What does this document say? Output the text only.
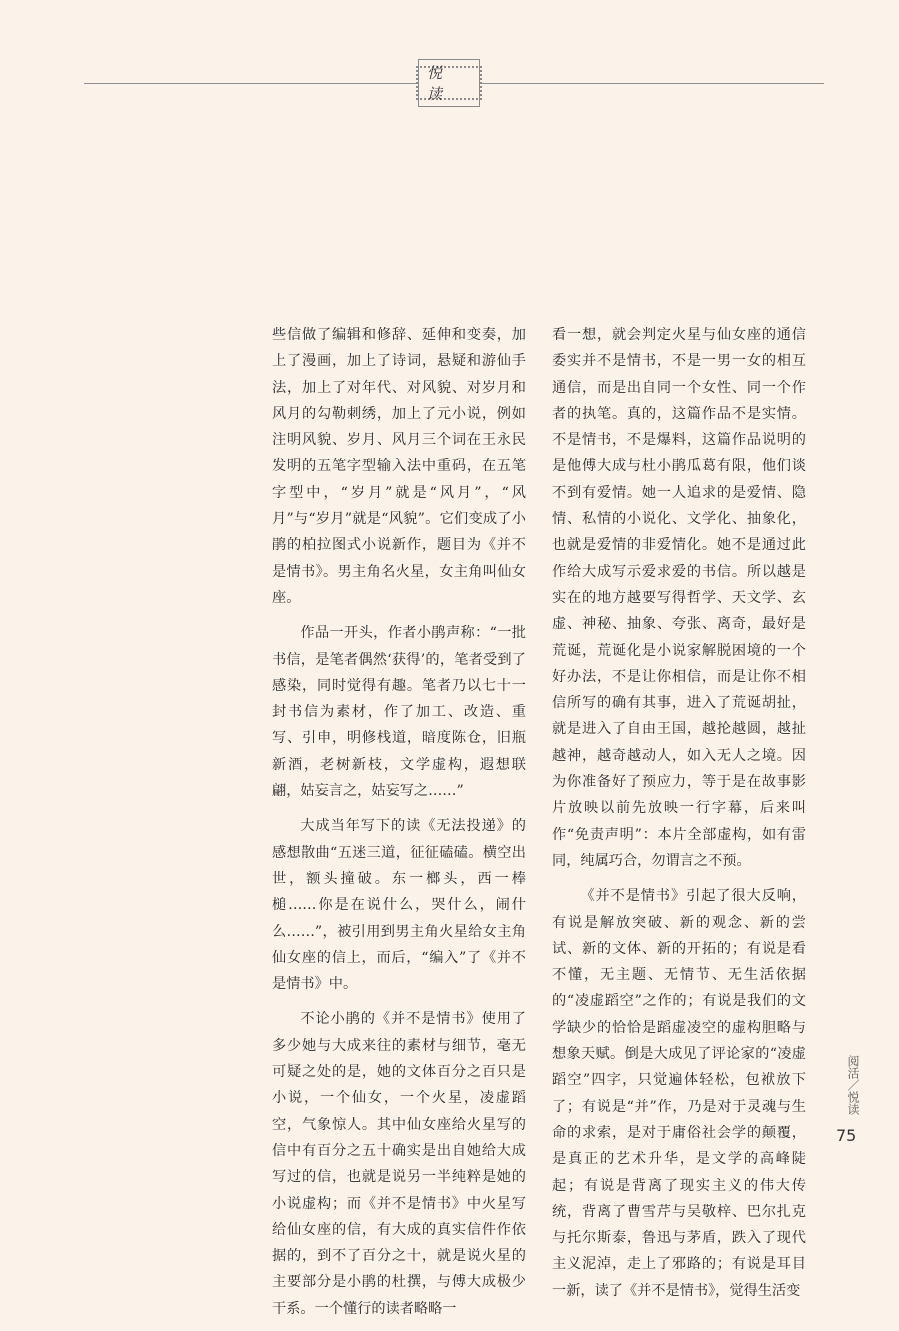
悦 读

些信做了编辑和修辞、延伸和变奏，加上了漫画，加上了诗词，悬疑和游仙手法，加上了对年代、对风貌、对岁月和风月的勾勒刺绣，加上了元小说，例如注明风貌、岁月、风月三个词在王永民发明的五笔字型输入法中重码，在五笔字型中，“岁月”就是“风月”，“风月”与“岁月”就是“风貌”。它们变成了小鹃的柏拉图式小说新作，题目为《并不是情书》。男主角名火星，女主角叫仙女座。

作品一开头，作者小鹃声称：“一批书信，是笔者偶然‘获得’的，笔者受到了感染，同时觉得有趣。笔者乃以七十一封书信为素材，作了加工、改造、重写、引申，明修栈道，暗度陈仓，旧瓶新酒，老树新枝，文学虚构，遐想联翩，姑妄言之，姑妄写之……”

大成当年写下的读《无法投递》的感想散曲“五迷三道，征征磕磕。横空出世，额头撞破。东一榔头，西一棒槌……你是在说什么，哭什么，闹什么……”，被引用到男主角火星给女主角仙女座的信上，而后，“编入”了《并不是情书》中。

不论小鹃的《并不是情书》使用了多少她与大成来往的素材与细节，毫无可疑之处的是，她的文体百分之百只是小说，一个仙女，一个火星，凌虚蹈空，气象惊人。其中仙女座给火星写的信中有百分之五十确实是出自她给大成写过的信，也就是说另一半纯粹是她的小说虚构；而《并不是情书》中火星写给仙女座的信，有大成的真实信件作依据的，到不了百分之十，就是说火星的主要部分是小鹃的杜撰，与傅大成极少干系。一个懂行的读者略略一

看一想，就会判定火星与仙女座的通信委实并不是情书，不是一男一女的相互通信，而是出自同一个女性、同一个作者的执笔。真的，这篇作品不是实情。不是情书，不是爆料，这篇作品说明的是他傅大成与杜小鹃瓜葛有限，他们谈不到有爱情。她一人追求的是爱情、隐情、私情的小说化、文学化、抽象化，也就是爱情的非爱情化。她不是通过此作给大成写示爱求爱的书信。所以越是实在的地方越要写得哲学、天文学、玄虚、神秘、抽象、夸张、离奇，最好是荒诞，荒诞化是小说家解脱困境的一个好办法，不是让你相信，而是让你不相信所写的确有其事，进入了荒诞胡扯，就是进入了自由王国，越抡越圆，越扯越神，越奇越动人，如入无人之境。因为你准备好了预应力，等于是在故事影片放映以前先放映一行字幕，后来叫作“免责声明”：本片全部虚构，如有雷同，纯属巧合，勿谓言之不预。

《并不是情书》引起了很大反响，有说是解放突破、新的观念、新的尝试、新的文体、新的开拓的；有说是看不懂，无主题、无情节、无生活依据的“凌虚蹈空”之作的；有说是我们的文学缺少的恰恰是蹈虚凌空的虚构胆略与想象天赋。倒是大成见了评论家的“凌虚蹈空”四字，只觉遍体轻松，包袱放下了；有说是“并”作，乃是对于灵魂与生命的求索，是对于庸俗社会学的颠覆，是真正的艺术升华，是文学的高峰陡起；有说是背离了现实主义的伟大传统，背离了曹雪芹与吴敬梓、巴尔扎克与托尔斯泰，鲁迅与茅盾，跌入了现代主义泥淖，走上了邪路的；有说是耳目一新，读了《并不是情书》，觉得生活变

阅活／悦读
75
